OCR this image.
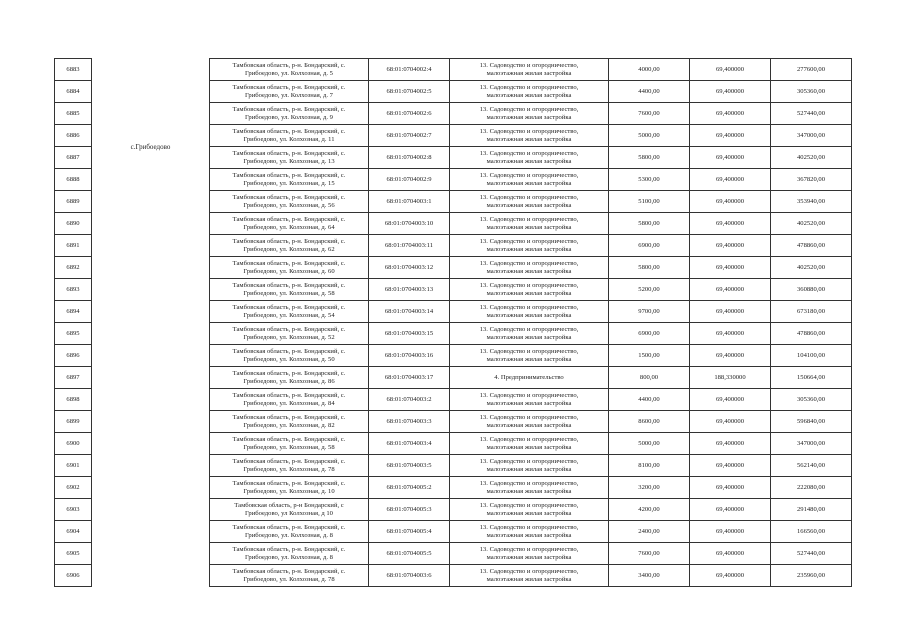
6883	с.Грибоедово	Тамбовская область, р-н. Бондарский, с.
Грибоедово, ул. Колхозная, д. 5	68:01:0704002:4	13. Садоводство и огородничество,
малоэтажная жилая застройка	4000,00	69,400000	277600,00
6884		Тамбовская область, р-н. Бондарский, с.
Грибоедово, ул. Колхозная, д. 7	68:01:0704002:5	13. Садоводство и огородничество,
малоэтажная жилая застройка	4400,00	69,400000	305360,00
6885		Тамбовская область, р-н. Бондарский, с.
Грибоедово, ул. Колхозная, д. 9	68:01:0704002:6	13. Садоводство и огородничество,
малоэтажная жилая застройка	7600,00	69,400000	527440,00
6886		Тамбовская область, р-н. Бондарский, с.
Грибоедово, ул. Колхозная, д. 11	68:01:0704002:7	13. Садоводство и огородничество,
малоэтажная жилая застройка	5000,00	69,400000	347000,00
6887		Тамбовская область, р-н. Бондарский, с.
Грибоедово, ул. Колхозная, д. 13	68:01:0704002:8	13. Садоводство и огородничество,
малоэтажная жилая застройка	5800,00	69,400000	402520,00
6888		Тамбовская область, р-н. Бондарский, с.
Грибоедово, ул. Колхозная, д. 15	68:01:0704002:9	13. Садоводство и огородничество,
малоэтажная жилая застройка	5300,00	69,400000	367820,00
6889		Тамбовская область, р-н. Бондарский, с.
Грибоедово, ул. Колхозная, д. 56	68:01:0704003:1	13. Садоводство и огородничество,
малоэтажная жилая застройка	5100,00	69,400000	353940,00
6890		Тамбовская область, р-н. Бондарский, с.
Грибоедово, ул. Колхозная, д. 64	68:01:0704003:10	13. Садоводство и огородничество,
малоэтажная жилая застройка	5800,00	69,400000	402520,00
6891		Тамбовская область, р-н. Бондарский, с.
Грибоедово, ул. Колхозная, д. 62	68:01:0704003:11	13. Садоводство и огородничество,
малоэтажная жилая застройка	6900,00	69,400000	478860,00
6892		Тамбовская область, р-н. Бондарский, с.
Грибоедово, ул. Колхозная, д. 60	68:01:0704003:12	13. Садоводство и огородничество,
малоэтажная жилая застройка	5800,00	69,400000	402520,00
6893		Тамбовская область, р-н. Бондарский, с.
Грибоедово, ул. Колхозная, д. 58	68:01:0704003:13	13. Садоводство и огородничество,
малоэтажная жилая застройка	5200,00	69,400000	360880,00
6894		Тамбовская область, р-н. Бондарский, с.
Грибоедово, ул. Колхозная, д. 54	68:01:0704003:14	13. Садоводство и огородничество,
малоэтажная жилая застройка	9700,00	69,400000	673180,00
6895		Тамбовская область, р-н. Бондарский, с.
Грибоедово, ул. Колхозная, д. 52	68:01:0704003:15	13. Садоводство и огородничество,
малоэтажная жилая застройка	6900,00	69,400000	478860,00
6896		Тамбовская область, р-н. Бондарский, с.
Грибоедово, ул. Колхозная, д. 50	68:01:0704003:16	13. Садоводство и огородничество,
малоэтажная жилая застройка	1500,00	69,400000	104100,00
6897		Тамбовская область, р-н. Бондарский, с.
Грибоедово, ул. Колхозная, д. 86	68:01:0704003:17	4. Предпринимательство	800,00	188,330000	150664,00
6898		Тамбовская область, р-н. Бондарский, с.
Грибоедово, ул. Колхозная, д. 84	68:01:0704003:2	13. Садоводство и огородничество,
малоэтажная жилая застройка	4400,00	69,400000	305360,00
6899		Тамбовская область, р-н. Бондарский, с.
Грибоедово, ул. Колхозная, д. 82	68:01:0704003:3	13. Садоводство и огородничество,
малоэтажная жилая застройка	8600,00	69,400000	596840,00
6900		Тамбовская область, р-н. Бондарский, с.
Грибоедово, ул. Колхозная, д. 58	68:01:0704003:4	13. Садоводство и огородничество,
малоэтажная жилая застройка	5000,00	69,400000	347000,00
6901		Тамбовская область, р-н. Бондарский, с.
Грибоедово, ул. Колхозная, д. 78	68:01:0704003:5	13. Садоводство и огородничество,
малоэтажная жилая застройка	8100,00	69,400000	562140,00
6902		Тамбовская область, р-н. Бондарский, с.
Грибоедово, ул. Колхозная, д. 10	68:01:0704005:2	13. Садоводство и огородничество,
малоэтажная жилая застройка	3200,00	69,400000	222080,00
6903		Тамбовская область, р-н Бондарский, с
Грибоедово, ул Колхозная, д 10	68:01:0704005:3	13. Садоводство и огородничество,
малоэтажная жилая застройка	4200,00	69,400000	291480,00
6904		Тамбовская область, р-н. Бондарский, с.
Грибоедово, ул. Колхозная, д. 8	68:01:0704005:4	13. Садоводство и огородничество,
малоэтажная жилая застройка	2400,00	69,400000	166560,00
6905		Тамбовская область, р-н. Бондарский, с.
Грибоедово, ул. Колхозная, д. 8	68:01:0704005:5	13. Садоводство и огородничество,
малоэтажная жилая застройка	7600,00	69,400000	527440,00
6906		Тамбовская область, р-н. Бондарский, с.
Грибоедово, ул. Колхозная, д. 78	68:01:0704003:6	13. Садоводство и огородничество,
малоэтажная жилая застройка	3400,00	69,400000	235960,00
